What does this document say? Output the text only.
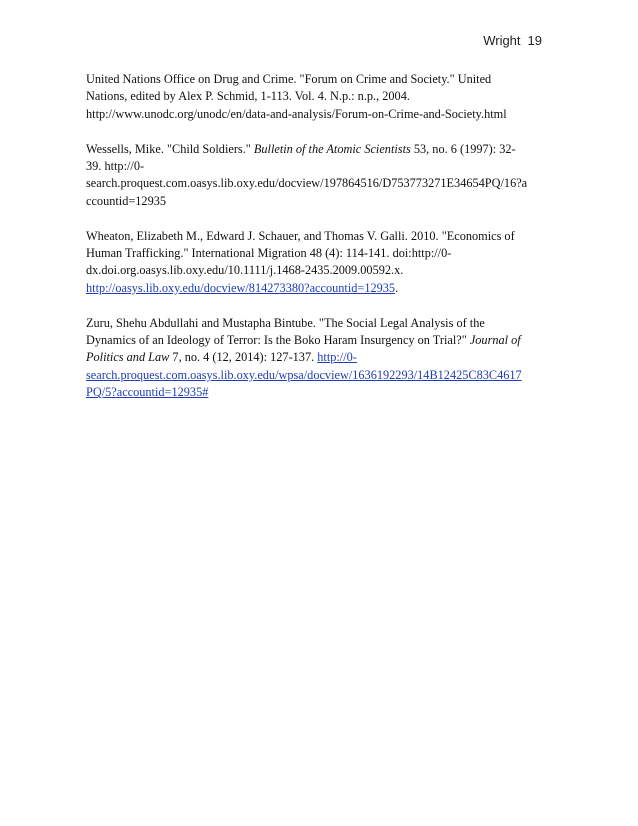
Wright 19
United Nations Office on Drug and Crime. "Forum on Crime and Society." United
Nations, edited by Alex P. Schmid, 1-113. Vol. 4. N.p.: n.p., 2004.
http://www.unodc.org/unodc/en/data-and-analysis/Forum-on-Crime-and-Society.html
Wessells, Mike. "Child Soldiers." Bulletin of the Atomic Scientists 53, no. 6 (1997): 32-
39. http://0-
search.proquest.com.oasys.lib.oxy.edu/docview/197864516/D753773271E34654PQ/16?a
ccountid=12935
Wheaton, Elizabeth M., Edward J. Schauer, and Thomas V. Galli. 2010. "Economics of
Human Trafficking." International Migration 48 (4): 114-141. doi:http://0-
dx.doi.org.oasys.lib.oxy.edu/10.1111/j.1468-2435.2009.00592.x.
http://oasys.lib.oxy.edu/docview/814273380?accountid=12935.
Zuru, Shehu Abdullahi and Mustapha Bintube. "The Social Legal Analysis of the
Dynamics of an Ideology of Terror: Is the Boko Haram Insurgency on Trial?" Journal of
Politics and Law 7, no. 4 (12, 2014): 127-137. http://0-
search.proquest.com.oasys.lib.oxy.edu/wpsa/docview/1636192293/14B12425C83C4617
PQ/5?accountid=12935#
